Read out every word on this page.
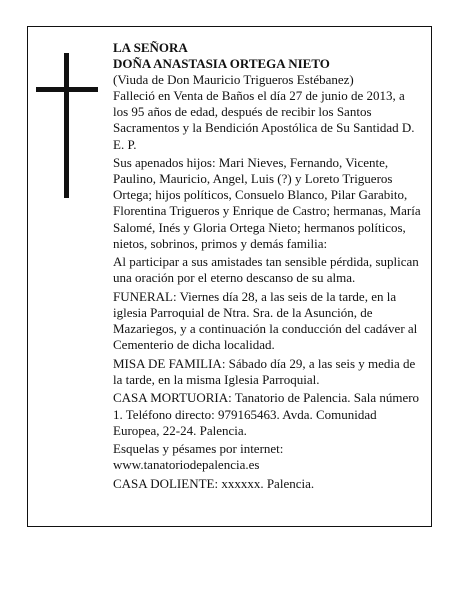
LA SEÑORA

DOÑA ANASTASIA ORTEGA NIETO

(Viuda de Don Mauricio Trigueros Estébanez)

Falleció en Venta de Baños el día 27 de junio de 2013, a los 95 años de edad, después de recibir los Santos Sacramentos y la Bendición Apostólica de Su Santidad D. E. P.

Sus apenados hijos: Mari Nieves, Fernando, Vicente, Paulino, Mauricio, Angel, Luis (?) y Loreto Trigueros Ortega; hijos políticos, Consuelo Blanco, Pilar Garabito, Florentina Trigueros y Enrique de Castro; hermanas, María Salomé, Inés y Gloria Ortega Nieto; hermanos políticos, nietos, sobrinos, primos y demás familia:

Al participar a sus amistades tan sensible pérdida, suplican una oración por el eterno descanso de su alma.

FUNERAL: Viernes día 28, a las seis de la tarde, en la iglesia Parroquial de Ntra. Sra. de la Asunción, de Mazariegos, y a continuación la conducción del cadáver al Cementerio de dicha localidad.

MISA DE FAMILIA: Sábado día 29, a las seis y media de la tarde, en la misma Iglesia Parroquial.

CASA MORTUORIA: Tanatorio de Palencia. Sala número 1. Teléfono directo: 979165463. Avda. Comunidad Europea, 22-24. Palencia.

Esquelas y pésames por internet: www.tanatoriodepalencia.es

CASA DOLIENTE: xxxxxx. Palencia.
